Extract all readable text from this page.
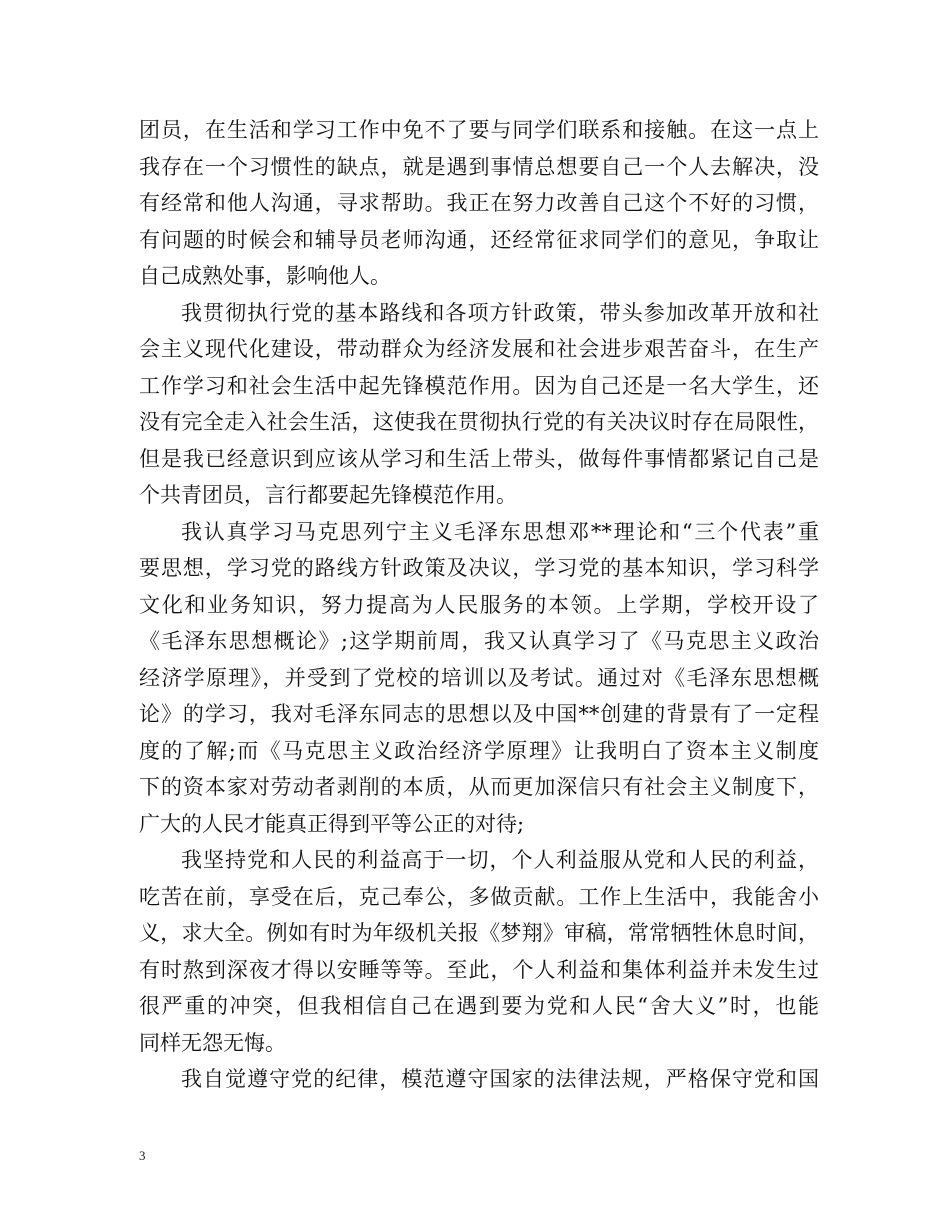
团员，在生活和学习工作中免不了要与同学们联系和接触。在这一点上
我存在一个习惯性的缺点，就是遇到事情总想要自己一个人去解决，没
有经常和他人沟通，寻求帮助。我正在努力改善自己这个不好的习惯，
有问题的时候会和辅导员老师沟通，还经常征求同学们的意见，争取让
自己成熟处事，影响他人。
我贯彻执行党的基本路线和各项方针政策，带头参加改革开放和社
会主义现代化建设，带动群众为经济发展和社会进步艰苦奋斗，在生产
工作学习和社会生活中起先锋模范作用。因为自己还是一名大学生，还
没有完全走入社会生活，这使我在贯彻执行党的有关决议时存在局限性，
但是我已经意识到应该从学习和生活上带头，做每件事情都紧记自己是
个共青团员，言行都要起先锋模范作用。
我认真学习马克思列宁主义毛泽东思想邓**理论和“三个代表”重
要思想，学习党的路线方针政策及决议，学习党的基本知识，学习科学
文化和业务知识，努力提高为人民服务的本领。上学期，学校开设了
《毛泽东思想概论》;这学期前周，我又认真学习了《马克思主义政治
经济学原理》，并受到了党校的培训以及考试。通过对《毛泽东思想概
论》的学习，我对毛泽东同志的思想以及中国**创建的背景有了一定程
度的了解;而《马克思主义政治经济学原理》让我明白了资本主义制度
下的资本家对劳动者剥削的本质，从而更加深信只有社会主义制度下，
广大的人民才能真正得到平等公正的对待;
我坚持党和人民的利益高于一切，个人利益服从党和人民的利益，
吃苦在前，享受在后，克己奉公，多做贡献。工作上生活中，我能舍小
义，求大全。例如有时为年级机关报《梦翔》审稿，常常牺牲休息时间，
有时熬到深夜才得以安睡等等。至此，个人利益和集体利益并未发生过
很严重的冲突，但我相信自己在遇到要为党和人民“舍大义”时，也能
同样无怨无悔。
我自觉遵守党的纪律，模范遵守国家的法律法规，严格保守党和国
3
